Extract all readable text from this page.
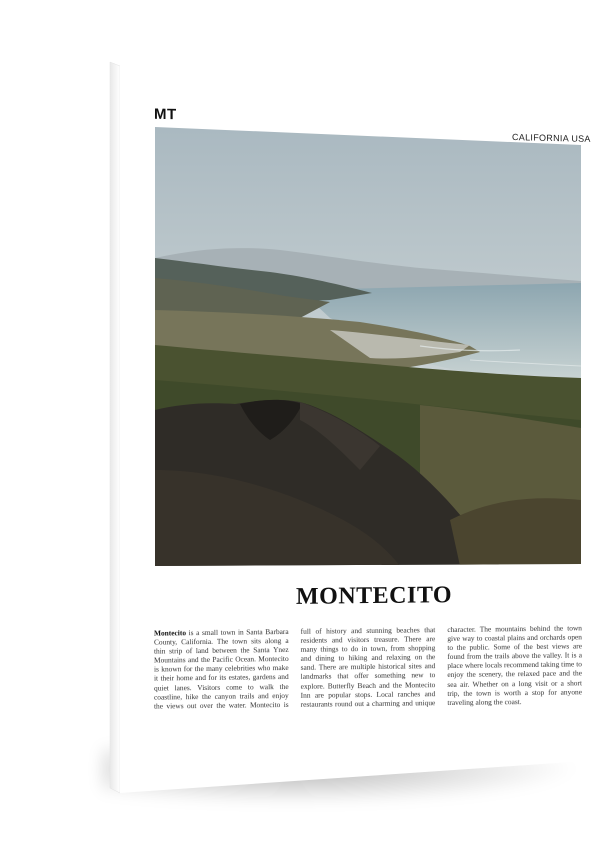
MT
CALIFORNIA USA
MONTECITO
Montecito is a small town in Santa Barbara County, California. The town sits along a thin strip of land between the Santa Ynez Mountains and the Pacific Ocean. Montecito is known for the many celebrities who make it their home and for its estates, gardens and quiet lanes. Visitors come to walk the coastline, hike the canyon trails and enjoy the views out over the water. Montecito is full of history and stunning beaches that residents and visitors treasure. There are many things to do in town, from shopping and dining to hiking and relaxing on the sand. There are multiple historical sites and landmarks that offer something new to explore. Butterfly Beach and the Montecito Inn are popular stops. Local ranches and restaurants round out a charming and unique character. The mountains behind the town give way to coastal plains and orchards open to the public. Some of the best views are found from the trails above the valley. It is a place where locals recommend taking time to enjoy the scenery, the relaxed pace and the sea air. Whether on a long visit or a short trip, the town is worth a stop for anyone traveling along the coast.
